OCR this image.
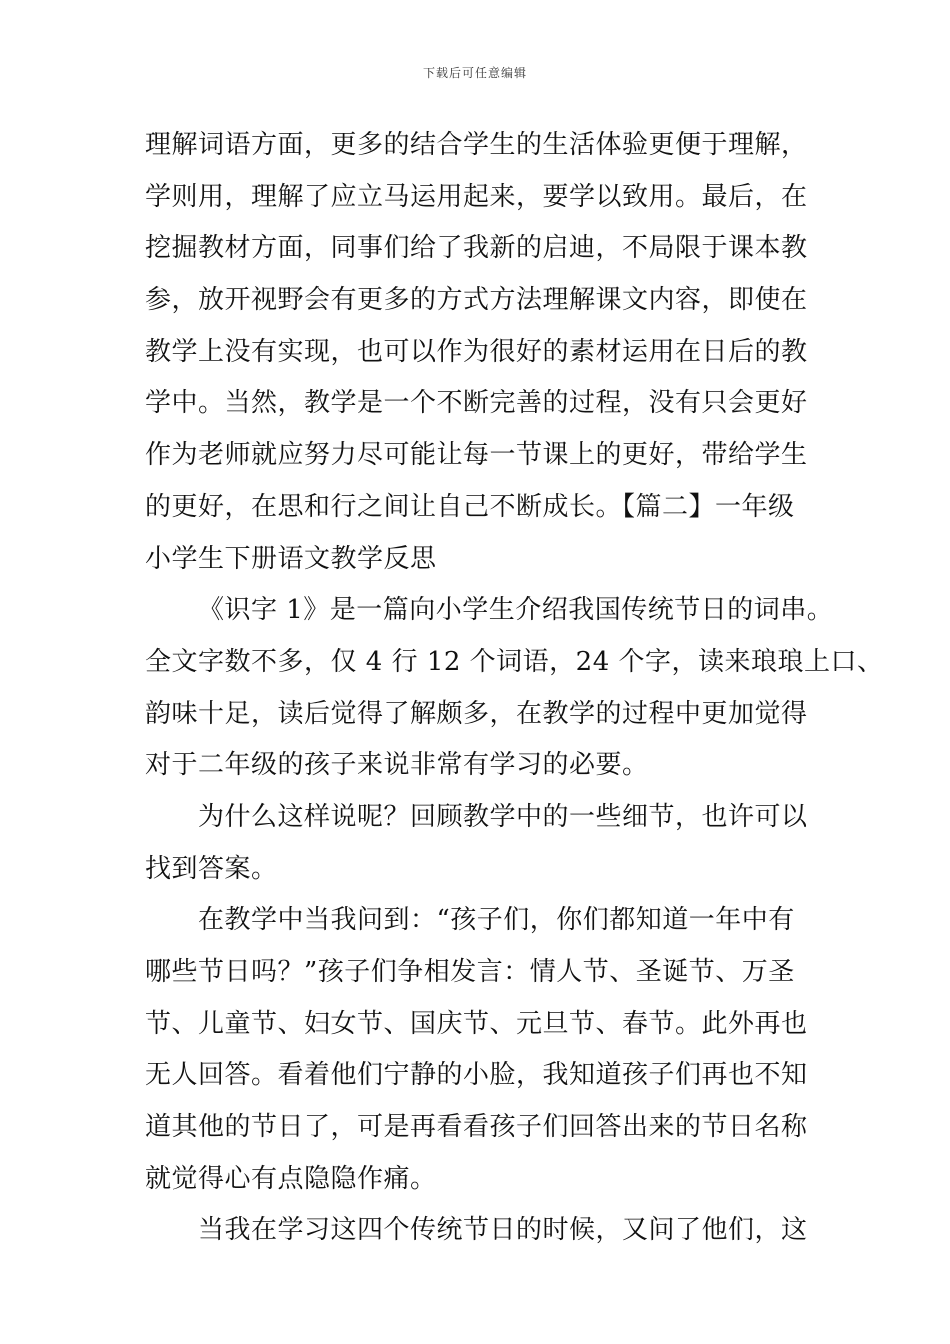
下载后可任意编辑
理解词语方面，更多的结合学生的生活体验更便于理解，
学则用，理解了应立马运用起来，要学以致用。最后，在
挖掘教材方面，同事们给了我新的启迪，不局限于课本教
参，放开视野会有更多的方式方法理解课文内容，即使在
教学上没有实现，也可以作为很好的素材运用在日后的教
学中。当然，教学是一个不断完善的过程，没有只会更好
作为老师就应努力尽可能让每一节课上的更好，带给学生
的更好，在思和行之间让自己不断成长。【篇二】一年级
小学生下册语文教学反思
《识字 1》是一篇向小学生介绍我国传统节日的词串。
全文字数不多，仅 4 行 12 个词语，24 个字，读来琅琅上口、
韵味十足，读后觉得了解颇多，在教学的过程中更加觉得
对于二年级的孩子来说非常有学习的必要。
为什么这样说呢？回顾教学中的一些细节，也许可以
找到答案。
在教学中当我问到：“孩子们，你们都知道一年中有
哪些节日吗？”孩子们争相发言：情人节、圣诞节、万圣
节、儿童节、妇女节、国庆节、元旦节、春节。此外再也
无人回答。看着他们宁静的小脸，我知道孩子们再也不知
道其他的节日了，可是再看看孩子们回答出来的节日名称
就觉得心有点隐隐作痛。
当我在学习这四个传统节日的时候，又问了他们，这
